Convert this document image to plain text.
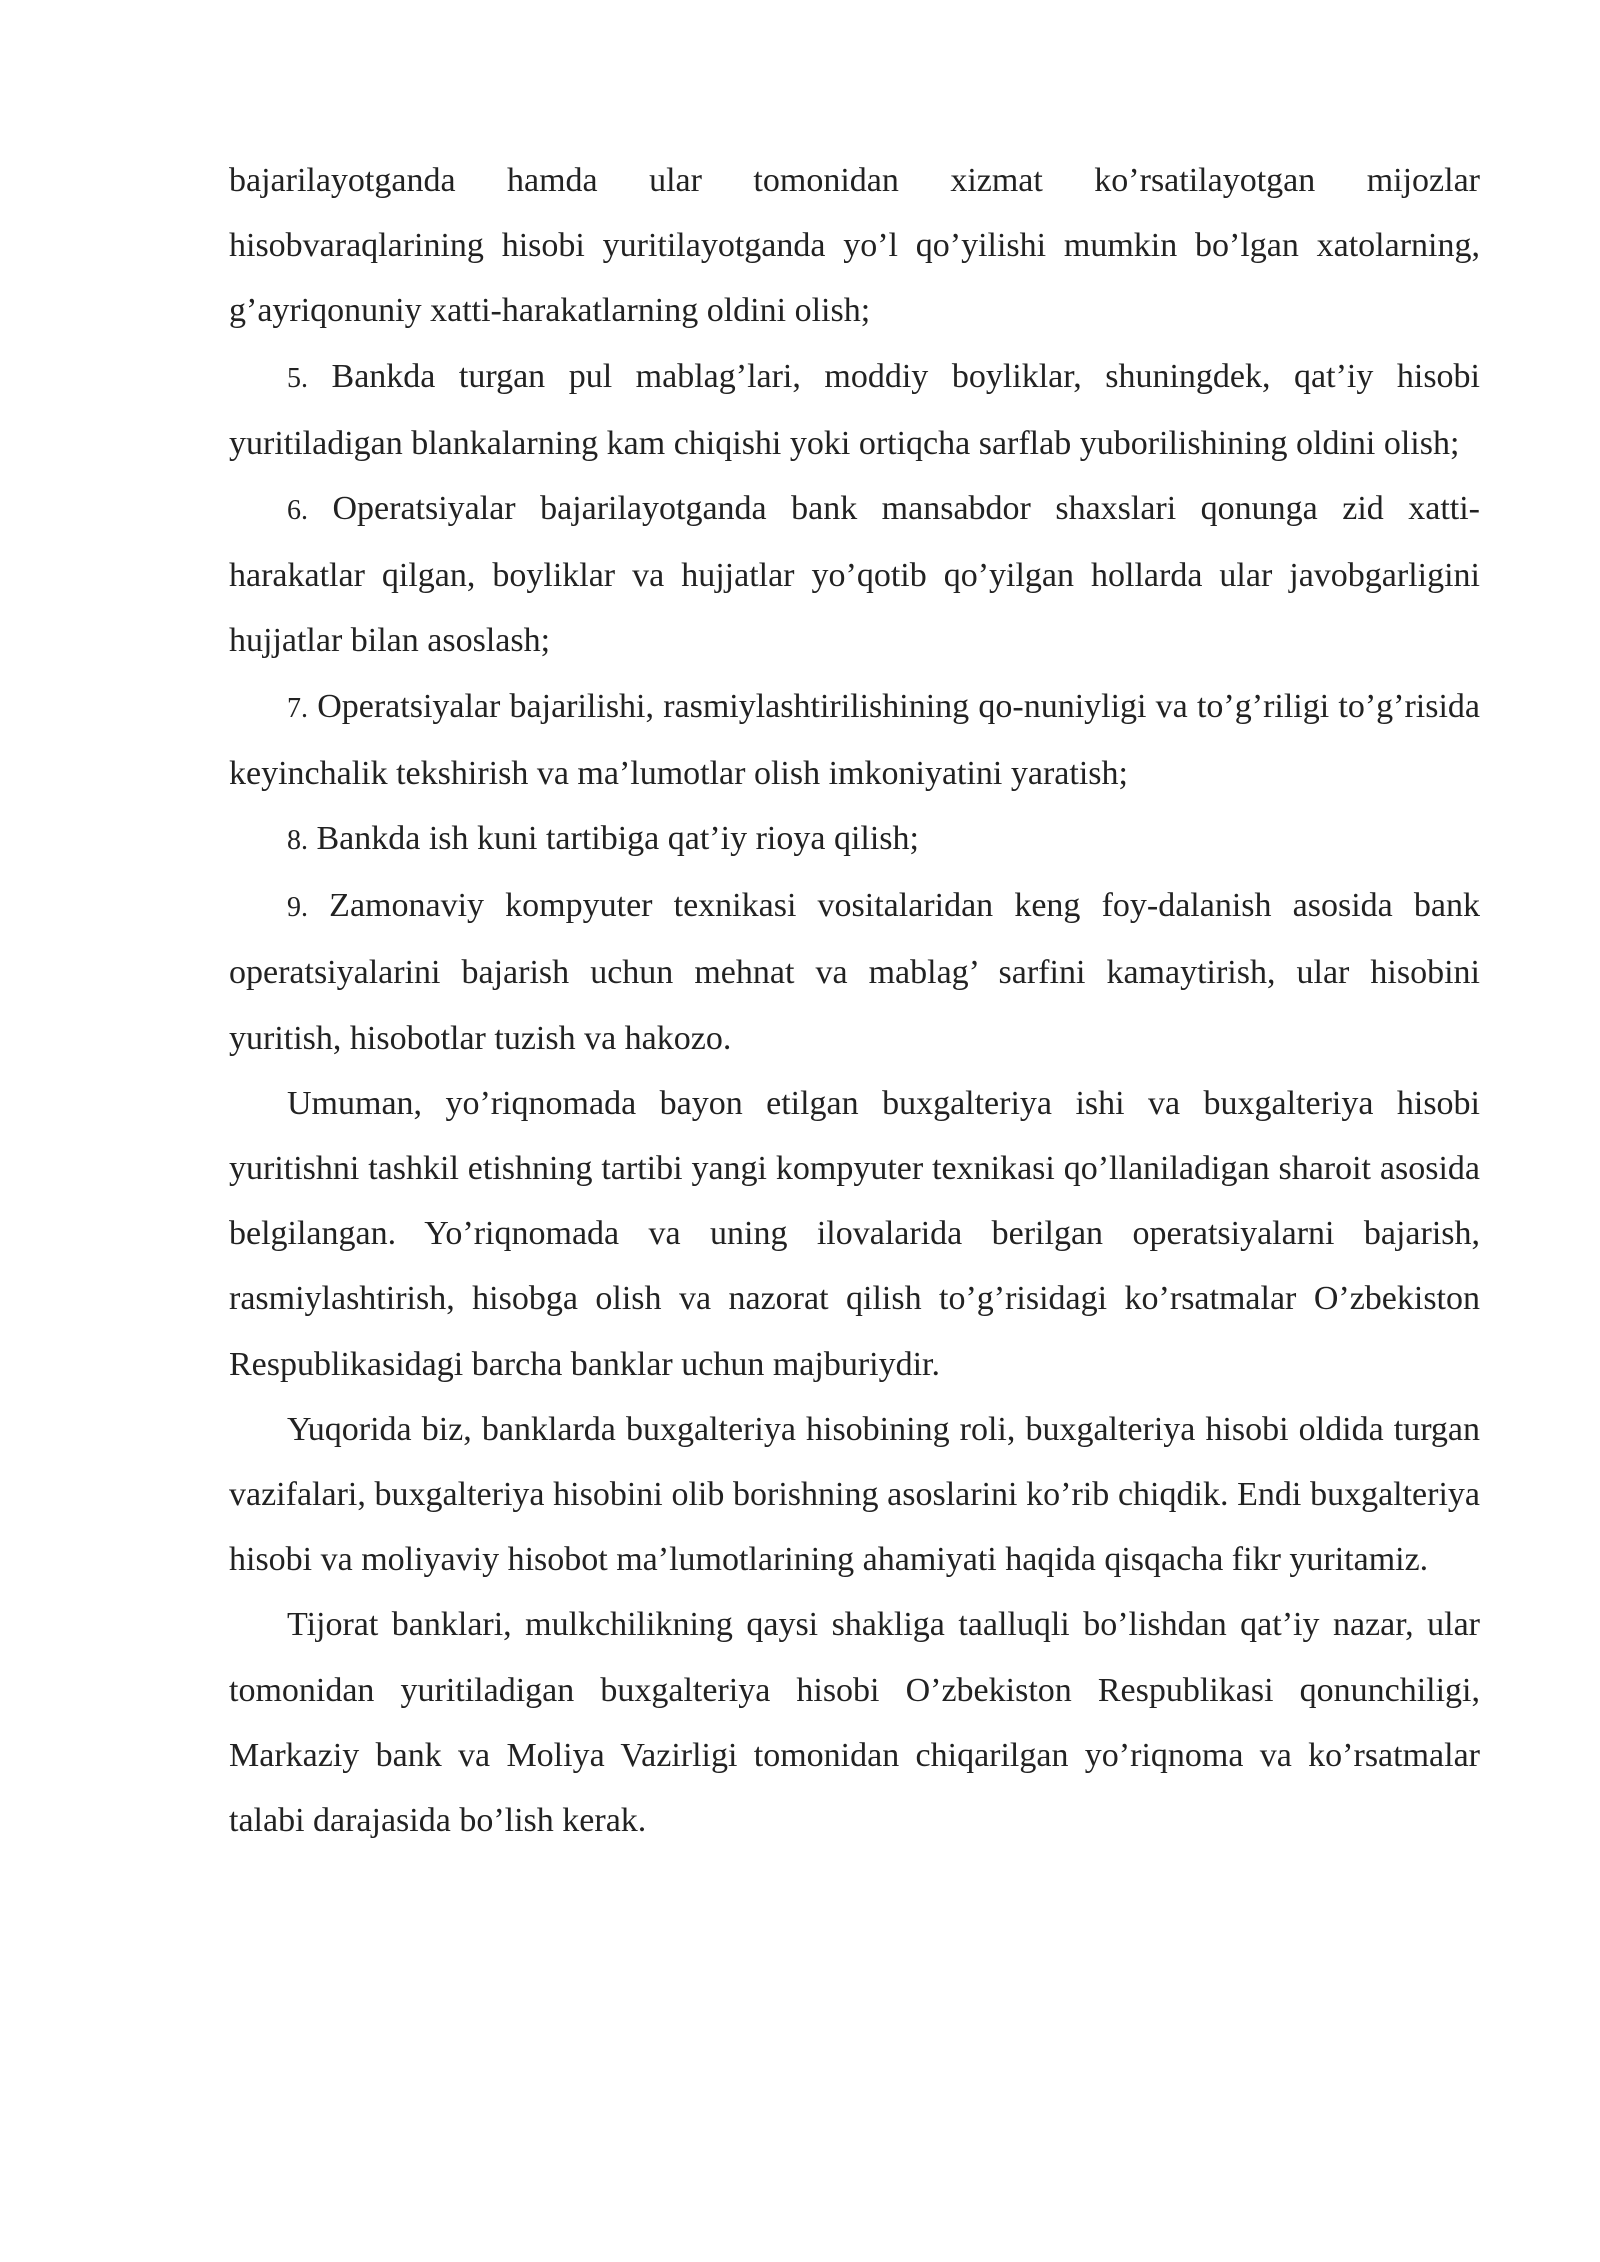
bajarilayotganda hamda ular tomonidan xizmat ko’rsatilayotgan mijozlar hisobvaraqlarining hisobi yuritilayotganda yo’l qo’yilishi mumkin bo’lgan xatolarning, g’ayriqonuniy xatti-harakatlarning oldini olish;

5. Bankda turgan pul mablag’lari, moddiy boyliklar, shuningdek, qat’iy hisobi yuritiladigan blankalarning kam chiqishi yoki ortiqcha sarflab yuborilishining oldini olish;

6. Operatsiyalar bajarilayotganda bank mansabdor shaxslari qonunga zid xatti-harakatlar qilgan, boyliklar va hujjatlar yo’qotib qo’yilgan hollarda ular javobgarligini hujjatlar bilan asoslash;

7. Operatsiyalar bajarilishi, rasmiylashtirilishining qo-nuniyligi va to’g’riligi to’g’risida keyinchalik tekshirish va ma’lumotlar olish imkoniyatini yaratish;

8. Bankda ish kuni tartibiga qat’iy rioya qilish;

9. Zamonaviy kompyuter texnikasi vositalaridan keng foy-dalanish asosida bank operatsiyalarini bajarish uchun mehnat va mablag’ sarfini kamaytirish, ular hisobini yuritish, hisobotlar tuzish va hakozo.

Umuman, yo’riqnomada bayon etilgan buxgalteriya ishi va buxgalteriya hisobi yuritishni tashkil etishning tartibi yangi kompyuter texnikasi qo’llaniladigan sharoit asosida belgilangan. Yo’riqnomada va uning ilovalarida berilgan operatsiyalarni bajarish, rasmiylashtirish, hisobga olish va nazorat qilish to’g’risidagi ko’rsatmalar O’zbekiston Respublikasidagi barcha banklar uchun majburiydir.

Yuqorida biz, banklarda buxgalteriya hisobining roli, buxgalteriya hisobi oldida turgan vazifalari, buxgalteriya hisobini olib borishning asoslarini ko’rib chiqdik. Endi buxgalteriya hisobi va moliyaviy hisobot ma’lumotlarining ahamiyati haqida qisqacha fikr yuritamiz.

Tijorat banklari, mulkchilikning qaysi shakliga taalluqli bo’lishdan qat’iy nazar, ular tomonidan yuritiladigan buxgalteriya hisobi O’zbekiston Respublikasi qonunchiligi, Markaziy bank va Moliya Vazirligi tomonidan chiqarilgan yo’riqnoma va ko’rsatmalar talabi darajasida bo’lish kerak.
